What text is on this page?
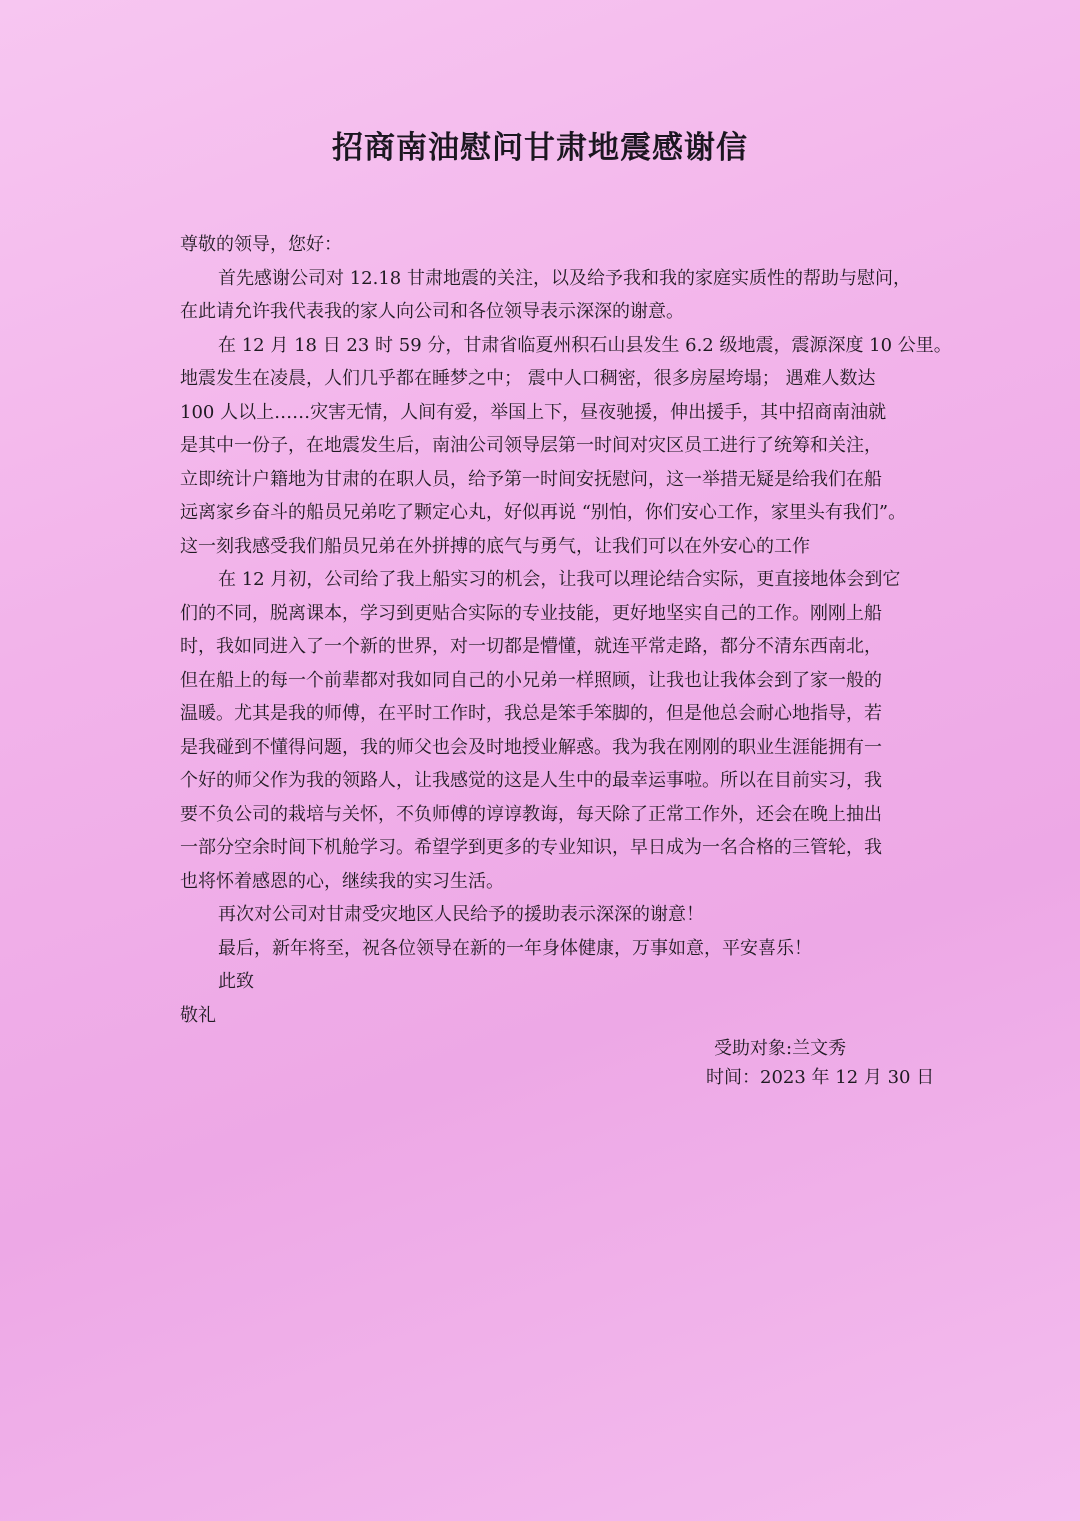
招商南油慰问甘肃地震感谢信
尊敬的领导，您好：
首先感谢公司对 12.18 甘肃地震的关注，以及给予我和我的家庭实质性的帮助与慰问，
在此请允许我代表我的家人向公司和各位领导表示深深的谢意。
在 12 月 18 日 23 时 59 分，甘肃省临夏州积石山县发生 6.2 级地震，震源深度 10 公里。
地震发生在凌晨，人们几乎都在睡梦之中； 震中人口稠密，很多房屋垮塌； 遇难人数达
100 人以上……灾害无情，人间有爱，举国上下，昼夜驰援，伸出援手，其中招商南油就
是其中一份子，在地震发生后，南油公司领导层第一时间对灾区员工进行了统筹和关注，
立即统计户籍地为甘肃的在职人员，给予第一时间安抚慰问，这一举措无疑是给我们在船
远离家乡奋斗的船员兄弟吃了颗定心丸，好似再说 “别怕，你们安心工作，家里头有我们”。
这一刻我感受我们船员兄弟在外拼搏的底气与勇气，让我们可以在外安心的工作
在 12 月初，公司给了我上船实习的机会，让我可以理论结合实际，更直接地体会到它
们的不同，脱离课本，学习到更贴合实际的专业技能，更好地坚实自己的工作。刚刚上船
时，我如同进入了一个新的世界，对一切都是懵懂，就连平常走路，都分不清东西南北，
但在船上的每一个前辈都对我如同自己的小兄弟一样照顾，让我也让我体会到了家一般的
温暖。尤其是我的师傅，在平时工作时，我总是笨手笨脚的，但是他总会耐心地指导，若
是我碰到不懂得问题，我的师父也会及时地授业解惑。我为我在刚刚的职业生涯能拥有一
个好的师父作为我的领路人，让我感觉的这是人生中的最幸运事啦。所以在目前实习，我
要不负公司的栽培与关怀，不负师傅的谆谆教诲，每天除了正常工作外，还会在晚上抽出
一部分空余时间下机舱学习。希望学到更多的专业知识，早日成为一名合格的三管轮，我
也将怀着感恩的心，继续我的实习生活。
再次对公司对甘肃受灾地区人民给予的援助表示深深的谢意！
最后，新年将至，祝各位领导在新的一年身体健康，万事如意，平安喜乐！
此致
敬礼
受助对象:兰文秀
时间：2023 年 12 月 30 日
